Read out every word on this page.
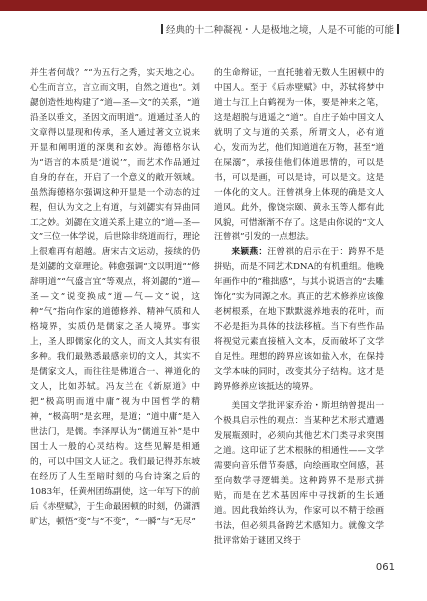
经典的十二种凝视・人是极地之境，人是不可能的可能

并生者何哉？”“为五行之秀，实天地之心。心生而言立，言立而文明，自然之道也”。刘勰创造性地构建了“道—圣—文”的关系，“道沿圣以垂文，圣因文而明道”。道通过圣人的文章得以显现和传承，圣人通过著文立说来开显和阐明道的深奥和玄妙。海德格尔认为“语言的本质是‘道说’”，而艺术作品通过自身的存在，开启了一个意义的敞开领域。虽然海德格尔强调这种开显是一个动态的过程，但认为文之上有道，与刘勰实有异曲同工之妙。刘勰在文道关系上建立的“道—圣—文”三位一体学说，后世除非绕道而行，理论上很难再有超越。唐宋古文运动，接续的仍是刘勰的文章理论。韩愈强调“文以明道”“修辞明道”“气盛言宜”等观点，将刘勰的“道—圣—文”说变换成“道—气—文”说，这种“气”指向作家的道德修养、精神气质和人格境界，实质仍是儒家之圣人境界。事实上，圣人即儒家化的文人，而文人其实有很多种。我们最熟悉最感亲切的文人，其实不是儒家文人，而往往是佛道合一、禅道化的文人，比如苏轼。冯友兰在《新原道》中把“极高明而道中庸”视为中国哲学的精神，“极高明”是玄理，是道；“道中庸”是入世法门，是儒。李泽厚认为“儒道互补”是中国士人一般的心灵结构。这些见解是相通的，可以中国文人证之。我们最记得苏东坡在经历了人生至暗时刻的乌台诗案之后的1083年，任黄州团练副使，这一年写下的前后《赤壁赋》，于生命最困顿的时刻，仍潇洒旷达，顿悟“变”与“不变”，“一瞬”与“无尽”

的生命辩证，一直托驰着无数人生困顿中的中国人。至于《后赤壁赋》中，苏轼将梦中道士与江上白鹤视为一体，要是神来之笔，这是超脱与逍遥之“道”。自庄子始中国文人就明了文与道的关系，所谓文人，必有道心，发而为艺，他们知道道在万物，甚至“道在屎溺”，承接佳他们体道思情的，可以是书，可以是画，可以是诗，可以是文。这是一体化的文人。汪曾祺身上体现的确是文人道风。此外，像饶宗颐、黄永玉等人都有此风貌，可惜渐渐不存了。这是由你说的“文人汪曾祺”引发的一点想法。

来颖燕：汪曾祺的启示在于：跨界不是拼贴，而是不同艺术DNA的有机重组。他晚年画作中的“稚拙感”，与其小说语言的“去雕饰化”实为同源之水。真正的艺术修养应该像老树根系，在地下默默滋养地表的花叶，而不必是拒为具体的技法移植。当下有些作品将视觉元素直接植入文本，反而破坏了文学自足性。理想的跨界应该如盐入水，在保持文学本味的同时，改变其分子结构。这才是跨界修养应该抵达的境界。

美国文学批评家乔治・斯坦纳曾提出一个极具启示性的观点：当某种艺术形式遭遇发展瓶颈时，必须向其他艺术门类寻求突围之道。这印证了艺术根脉的相通性——文学需要向音乐借节奏感，向绘画取空间感，甚至向数学寻逻辑美。这种跨界不是形式拼贴，而是在艺术基因库中寻找新的生长通道。因此我始终认为，作家可以不精于绘画书法，但必须具备跨艺术感知力。就像文学批评常始于谜团又终于

061
